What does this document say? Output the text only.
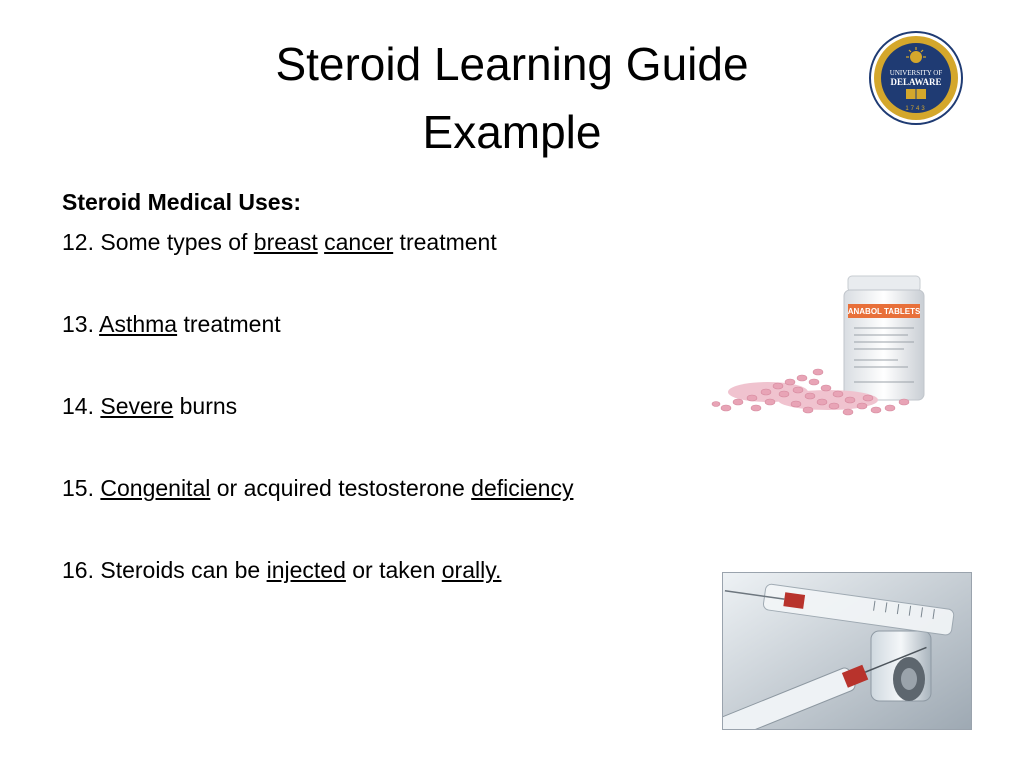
Steroid Learning Guide
Example
UNIVERSITY OF
DELAWARE
1743
Steroid Medical Uses:
12. Some types of breast cancer treatment
13. Asthma treatment
14. Severe burns
15. Congenital or acquired testosterone deficiency
16. Steroids can be injected or taken orally.
ANABOL TABLETS
